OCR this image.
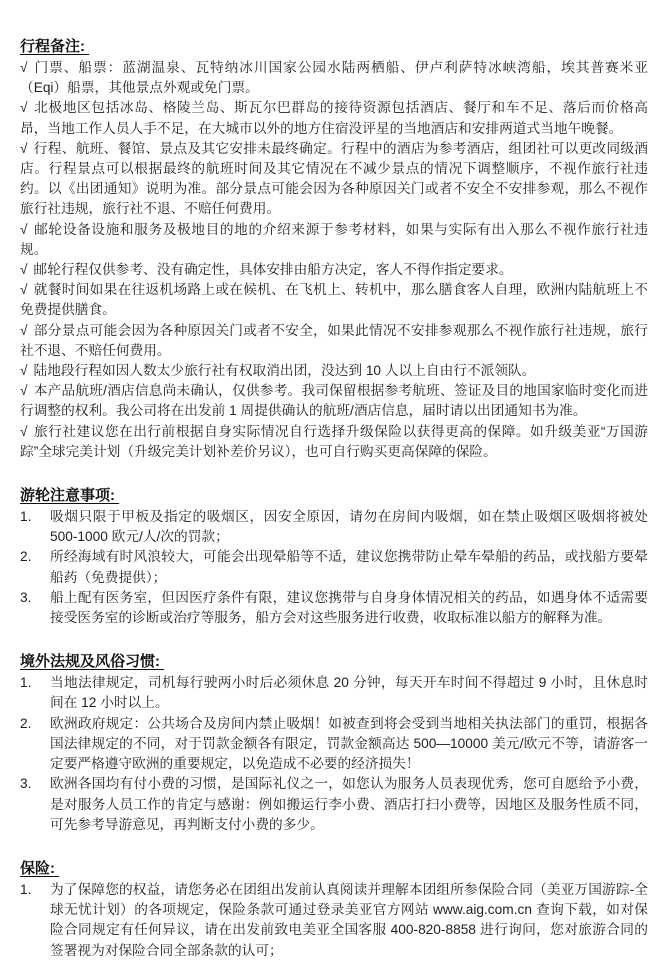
行程备注:

√ 门票、船票：蓝湖温泉、瓦特纳冰川国家公园水陆两栖船、伊卢利萨特冰峡湾船，埃其普赛米亚（Eqi）船票，其他景点外观或免门票。

√ 北极地区包括冰岛、格陵兰岛、斯瓦尔巴群岛的接待资源包括酒店、餐厅和车不足、落后而价格高昂，当地工作人员人手不足，在大城市以外的地方住宿没评星的当地酒店和安排两道式当地午晚餐。

√ 行程、航班、餐馆、景点及其它安排未最终确定。行程中的酒店为参考酒店，组团社可以更改同级酒店。行程景点可以根据最终的航班时间及其它情况在不减少景点的情况下调整顺序，不视作旅行社违约。以《出团通知》说明为准。部分景点可能会因为各种原因关门或者不安全不安排参观，那么不视作旅行社违规，旅行社不退、不赔任何费用。

√ 邮轮设备设施和服务及极地目的地的介绍来源于参考材料，如果与实际有出入那么不视作旅行社违规。

√ 邮轮行程仅供参考、没有确定性，具体安排由船方决定，客人不得作指定要求。

√ 就餐时间如果在往返机场路上或在候机、在飞机上、转机中，那么膳食客人自理，欧洲内陆航班上不免费提供膳食。

√ 部分景点可能会因为各种原因关门或者不安全，如果此情况不安排参观那么不视作旅行社违规，旅行社不退、不赔任何费用。

√ 陆地段行程如因人数太少旅行社有权取消出团，没达到 10 人以上自由行不派领队。

√ 本产品航班/酒店信息尚未确认，仅供参考。我司保留根据参考航班、签证及目的地国家临时变化而进行调整的权利。我公司将在出发前 1 周提供确认的航班/酒店信息，届时请以出团通知书为准。

√ 旅行社建议您在出行前根据自身实际情况自行选择升级保险以获得更高的保障。如升级美亚“万国游踪”全球完美计划（升级完美计划补差价另议），也可自行购买更高保障的保险。

游轮注意事项:
1.	吸烟只限于甲板及指定的吸烟区，因安全原因，请勿在房间内吸烟，如在禁止吸烟区吸烟将被处 500-1000 欧元/人/次的罚款；
2.	所经海域有时风浪较大，可能会出现晕船等不适，建议您携带防止晕车晕船的药品，或找船方要晕船药（免费提供）；
3.	船上配有医务室，但因医疗条件有限，建议您携带与自身身体情况相关的药品，如遇身体不适需要接受医务室的诊断或治疗等服务，船方会对这些服务进行收费，收取标准以船方的解释为准。
境外法规及风俗习惯:
1.	当地法律规定，司机每行驶两小时后必须休息 20 分钟，每天开车时间不得超过 9 小时，且休息时间在 12 小时以上。
2.	欧洲政府规定：公共场合及房间内禁止吸烟！如被查到将会受到当地相关执法部门的重罚，根据各国法律规定的不同，对于罚款金额各有限定，罚款金额高达 500—10000 美元/欧元不等，请游客一定要严格遵守欧洲的重要规定，以免造成不必要的经济损失！
3.	欧洲各国均有付小费的习惯，是国际礼仪之一，如您认为服务人员表现优秀，您可自愿给予小费，是对服务人员工作的肯定与感谢：例如搬运行李小费、酒店打扫小费等，因地区及服务性质不同，可先参考导游意见，再判断支付小费的多少。
保险:
1.	为了保障您的权益，请您务必在团组出发前认真阅读并理解本团组所参保险合同（美亚万国游踪-全球无忧计划）的各项规定，保险条款可通过登录美亚官方网站 www.aig.com.cn 查询下载，如对保险合同规定有任何异议，请在出发前致电美亚全国客服 400-820-8858 进行询问，您对旅游合同的签署视为对保险合同全部条款的认可；
